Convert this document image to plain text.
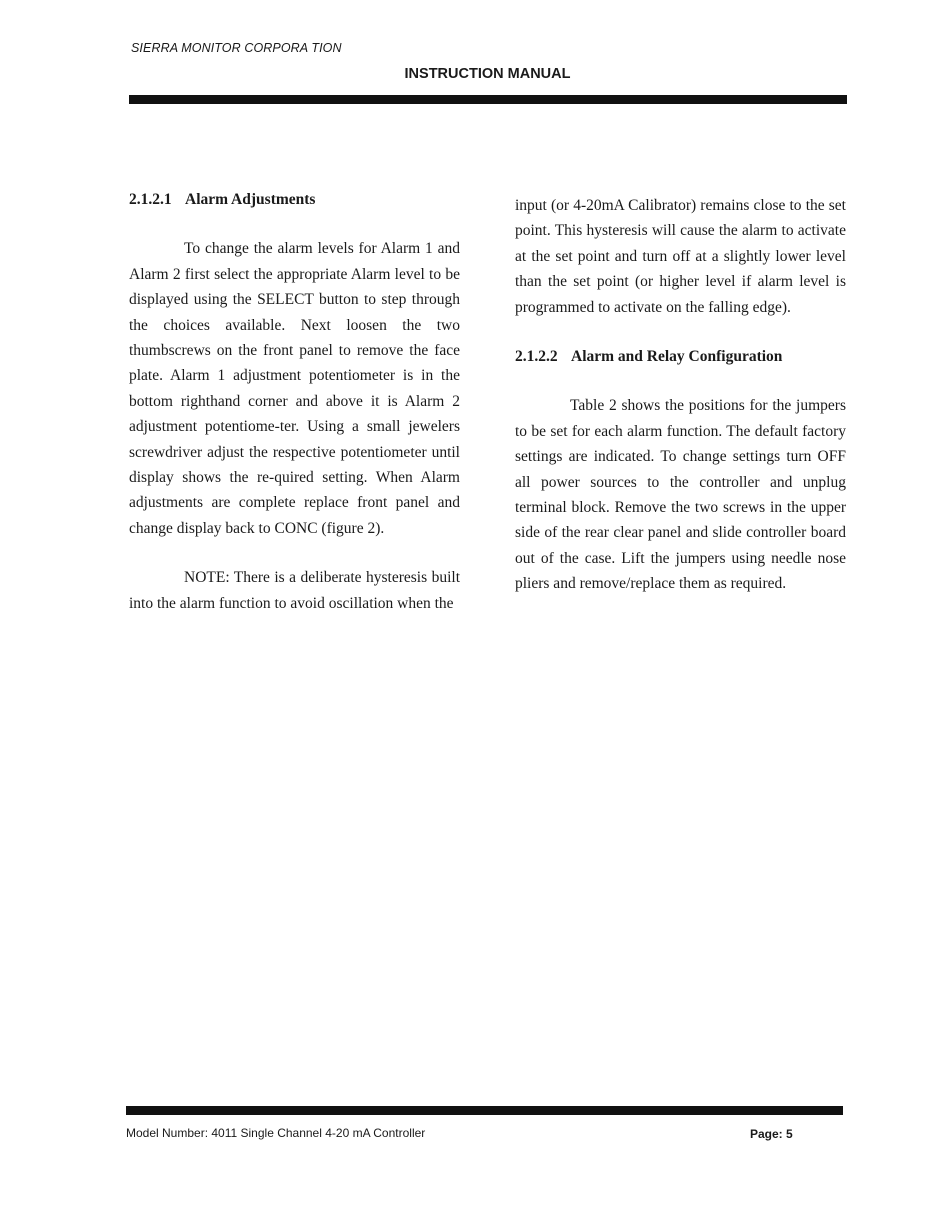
SIERRA MONITOR CORPORA TION
INSTRUCTION MANUAL
2.1.2.1 Alarm Adjustments

To change the alarm levels for Alarm 1 and Alarm 2 first select the appropriate Alarm level to be displayed using the SELECT button to step through the choices available. Next loosen the two thumbscrews on the front panel to remove the face plate. Alarm 1 adjustment potentiometer is in the bottom righthand corner and above it is Alarm 2 adjustment potentiome-ter. Using a small jewelers screwdriver adjust the respective potentiometer until display shows the re-quired setting. When Alarm adjustments are complete replace front panel and change display back to CONC (figure 2).

NOTE: There is a deliberate hysteresis built into the alarm function to avoid oscillation when the

input (or 4-20mA Calibrator) remains close to the set point. This hysteresis will cause the alarm to activate at the set point and turn off at a slightly lower level than the set point (or higher level if alarm level is programmed to activate on the falling edge).

2.1.2.2 Alarm and Relay Configuration

Table 2 shows the positions for the jumpers to be set for each alarm function. The default factory settings are indicated. To change settings turn OFF all power sources to the controller and unplug terminal block. Remove the two screws in the upper side of the rear clear panel and slide controller board out of the case. Lift the jumpers using needle nose pliers and remove/replace them as required.

Model Number: 4011 Single Channel 4-20 mA Controller	Page: 5
